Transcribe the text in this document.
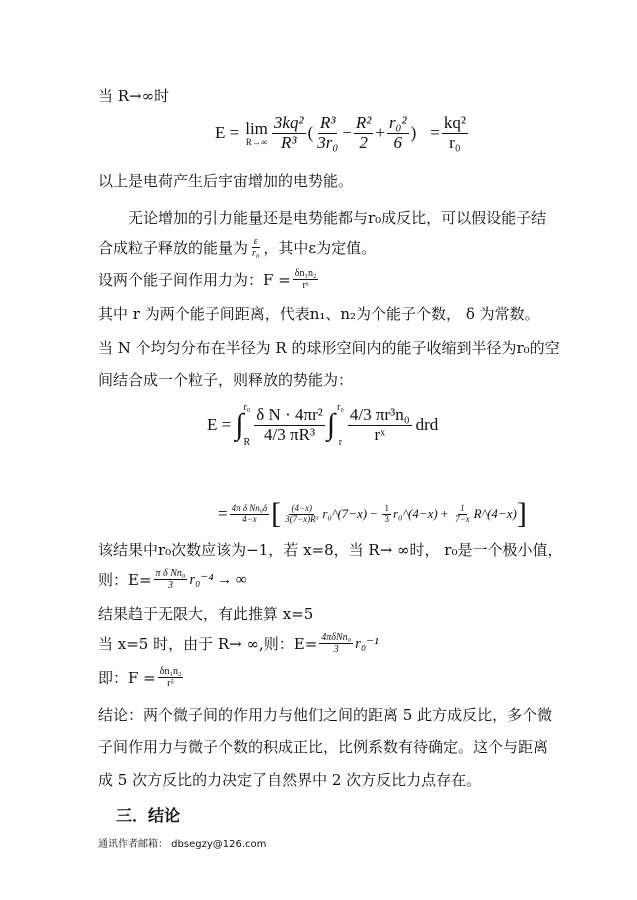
当 R→∞时
E = lim
$R\to\infty \frac{\text{3kq²}}{\text{R³}}$ ( $\frac{\text{R³}}{\text{3r₀}} - \frac{\text{R²}}{2} + \frac{\text{r₀²}}{6}$ ) = $\frac{\text{kq²}}{\text{r₀}}$
以上是电荷产生后宇宙增加的电势能。
无论增加的引力能量还是电势能都与r₀成反比，可以假设能子结
合成粒子释放的能量为 $\frac{\varepsilon}{\text{r₀}}$ ，其中ε为定值。
设两个能子间作用力为：$F = \frac{\text{δn₁n₂}}{\text{rˣ}}$
其中 r 为两个能子间距离，代表n₁、n₂为个能子个数， δ 为常数。
当 N 个均匀分布在半径为 R 的球形空间内的能子收缩到半径为r₀的空
间结合成一个粒子，则释放的势能为：
E = ∫
r₀
R $\frac{\text{δ N · 4πr²}}{\text{4/3 πR³}}$ ∫
r₀
r $\frac{\text{4/3 πr³n₀}}{\text{rˣ}}$ drd
= $\frac{\text{4π δ Nn₀δ}}{4-x}$ [ $\frac{(4-x)}{\text{3(7−x)R³}}$ r₀^(7−x) − $\frac{1}{3}$ r₀^(4−x) + $\frac{1}{7-x}$ R^(4−x) ]
该结果中r₀次数应该为−1，若 x=8，当 R→ ∞时， r₀是一个极小值，
则：$E= \frac{\text{π δ Nn₀}}{3} r_0^{-4}$ → ∞
结果趋于无限大，有此推算 x=5
当 x=5 时，由于 R→ ∞,则：$E= \frac{\text{4πδNn₀}}{3} r_0^{-1}$
即：$F = \frac{\text{δn₁n₂}}{\text{r⁵}}$
结论：两个微子间的作用力与他们之间的距离 5 此方成反比，多个微
子间作用力与微子个数的积成正比，比例系数有待确定。这个与距离
成 5 次方反比的力决定了自然界中 2 次方反比力点存在。
三．结论
通讯作者邮箱： dbsegzy@126.com
